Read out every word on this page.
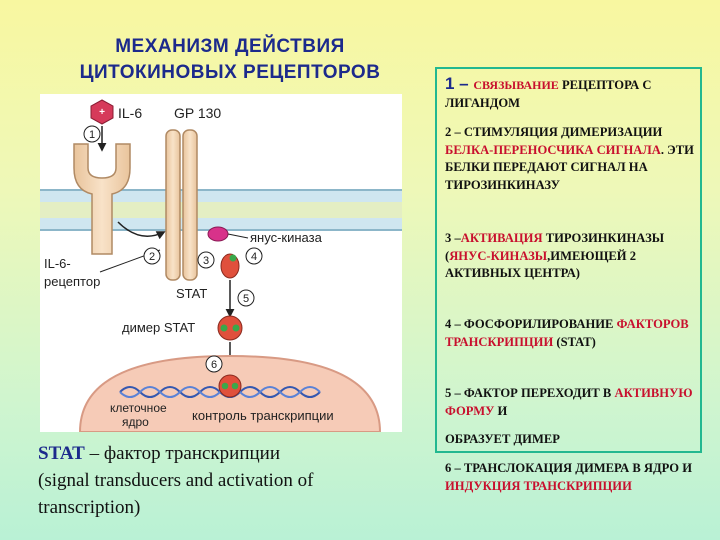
МЕХАНИЗМ ДЕЙСТВИЯ
ЦИТОКИНОВЫХ РЕЦЕПТОРОВ
+ IL-6 GP 130
янус-киназа
IL-6-
рецептор
STAT
димер STAT
клеточное
ядро	контроль транскрипции
1
2	3	4
5
6
STAT – фактор транскрипции
(signal transducers and activation of
transcription)
1 – СВЯЗЫВАНИЕ РЕЦЕПТОРА С ЛИГАНДОМ
2 – СТИМУЛЯЦИЯ ДИМЕРИЗАЦИИ БЕЛКА-ПЕРЕНОСЧИКА СИГНАЛА. ЭТИ БЕЛКИ ПЕРЕДАЮТ СИГНАЛ НА ТИРОЗИНКИНАЗУ
3 –АКТИВАЦИЯ ТИРОЗИНКИНАЗЫ (ЯНУС-КИНАЗЫ,ИМЕЮЩЕЙ 2 АКТИВНЫХ ЦЕНТРА)
4 – ФОСФОРИЛИРОВАНИЕ ФАКТОРОВ ТРАНСКРИПЦИИ (STAT)
5 – ФАКТОР ПЕРЕХОДИТ В АКТИВНУЮ ФОРМУ И
ОБРАЗУЕТ ДИМЕР
6 – ТРАНСЛОКАЦИЯ ДИМЕРА В ЯДРО И ИНДУКЦИЯ ТРАНСКРИПЦИИ
